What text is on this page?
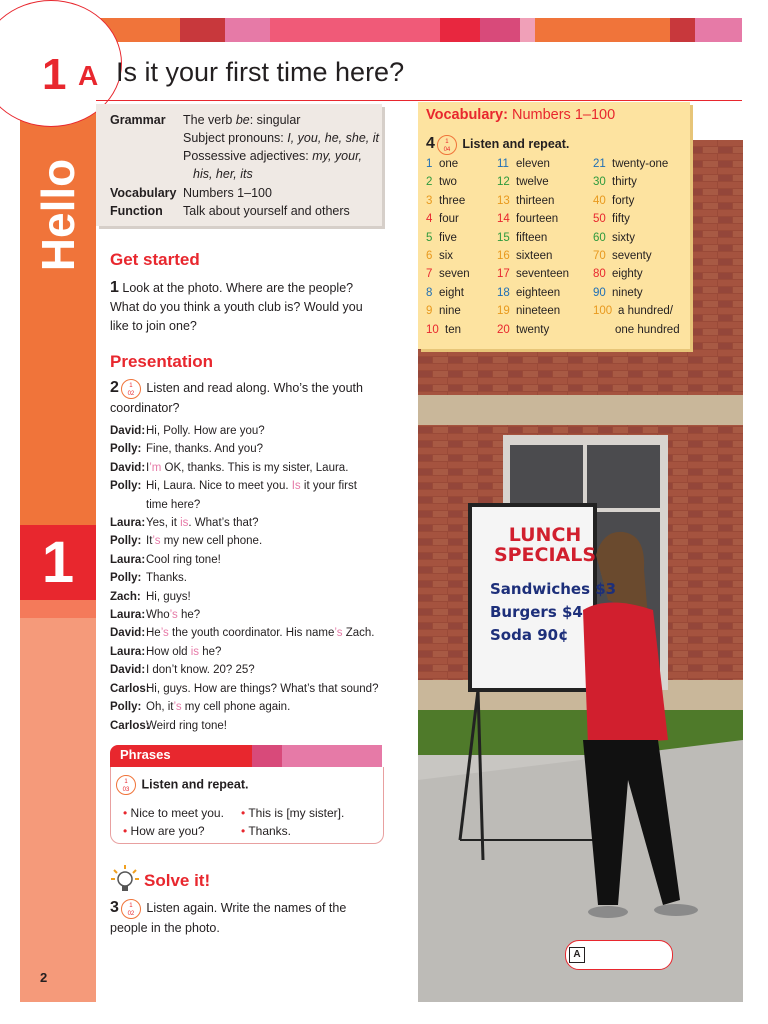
Hello
1
2
1 A Is it your first time here?
Grammar The verb be: singular
Subject pronouns: I, you, he, she, it
Possessive adjectives: my, your,
his, her, its
Vocabulary Numbers 1–100
Function Talk about yourself and others
Get started
1 Look at the photo. Where are the people?
What do you think a youth club is? Would you
like to join one?
Presentation
2 1
02 Listen and read along. Who’s the youth
coordinator?
David:Hi, Polly. How are you?
Polly: Fine, thanks. And you?
David:I’m OK, thanks. This is my sister, Laura.
Polly: Hi, Laura. Nice to meet you. Is it your first
time here?
Laura:Yes, it is. What’s that?
Polly: It’s my new cell phone.
Laura:Cool ring tone!
Polly: Thanks.
Zach: Hi, guys!
Laura:Who’s he?
David:He’s the youth coordinator. His name’s Zach.
Laura:How old is he?
David:I don’t know. 20? 25?
Carlos:Hi, guys. How are things? What’s that sound?
Polly: Oh, it’s my cell phone again.
Carlos:Weird ring tone!
Phrases
1
03 Listen and repeat.
• Nice to meet you.	• This is [my sister].
• How are you?	• Thanks.
Solve it!
3 1
02 Listen again. Write the names of the
people in the photo.
LUNCH
SPECIALS
Sandwiches $3
Burgers $4
Soda 90¢
A
Vocabulary: Numbers 1–100
4 1
04 Listen and repeat.
1 one
2 two
3 three
4 four
5 five
6 six
7 seven
8 eight
9 nine
10 ten
11 eleven
12 twelve
13 thirteen
14 fourteen
15 fifteen
16 sixteen
17 seventeen
18 eighteen
19 nineteen
20 twenty
21 twenty-one
30 thirty
40 forty
50 fifty
60 sixty
70 seventy
80 eighty
90 ninety
100 a hundred/
one hundred
